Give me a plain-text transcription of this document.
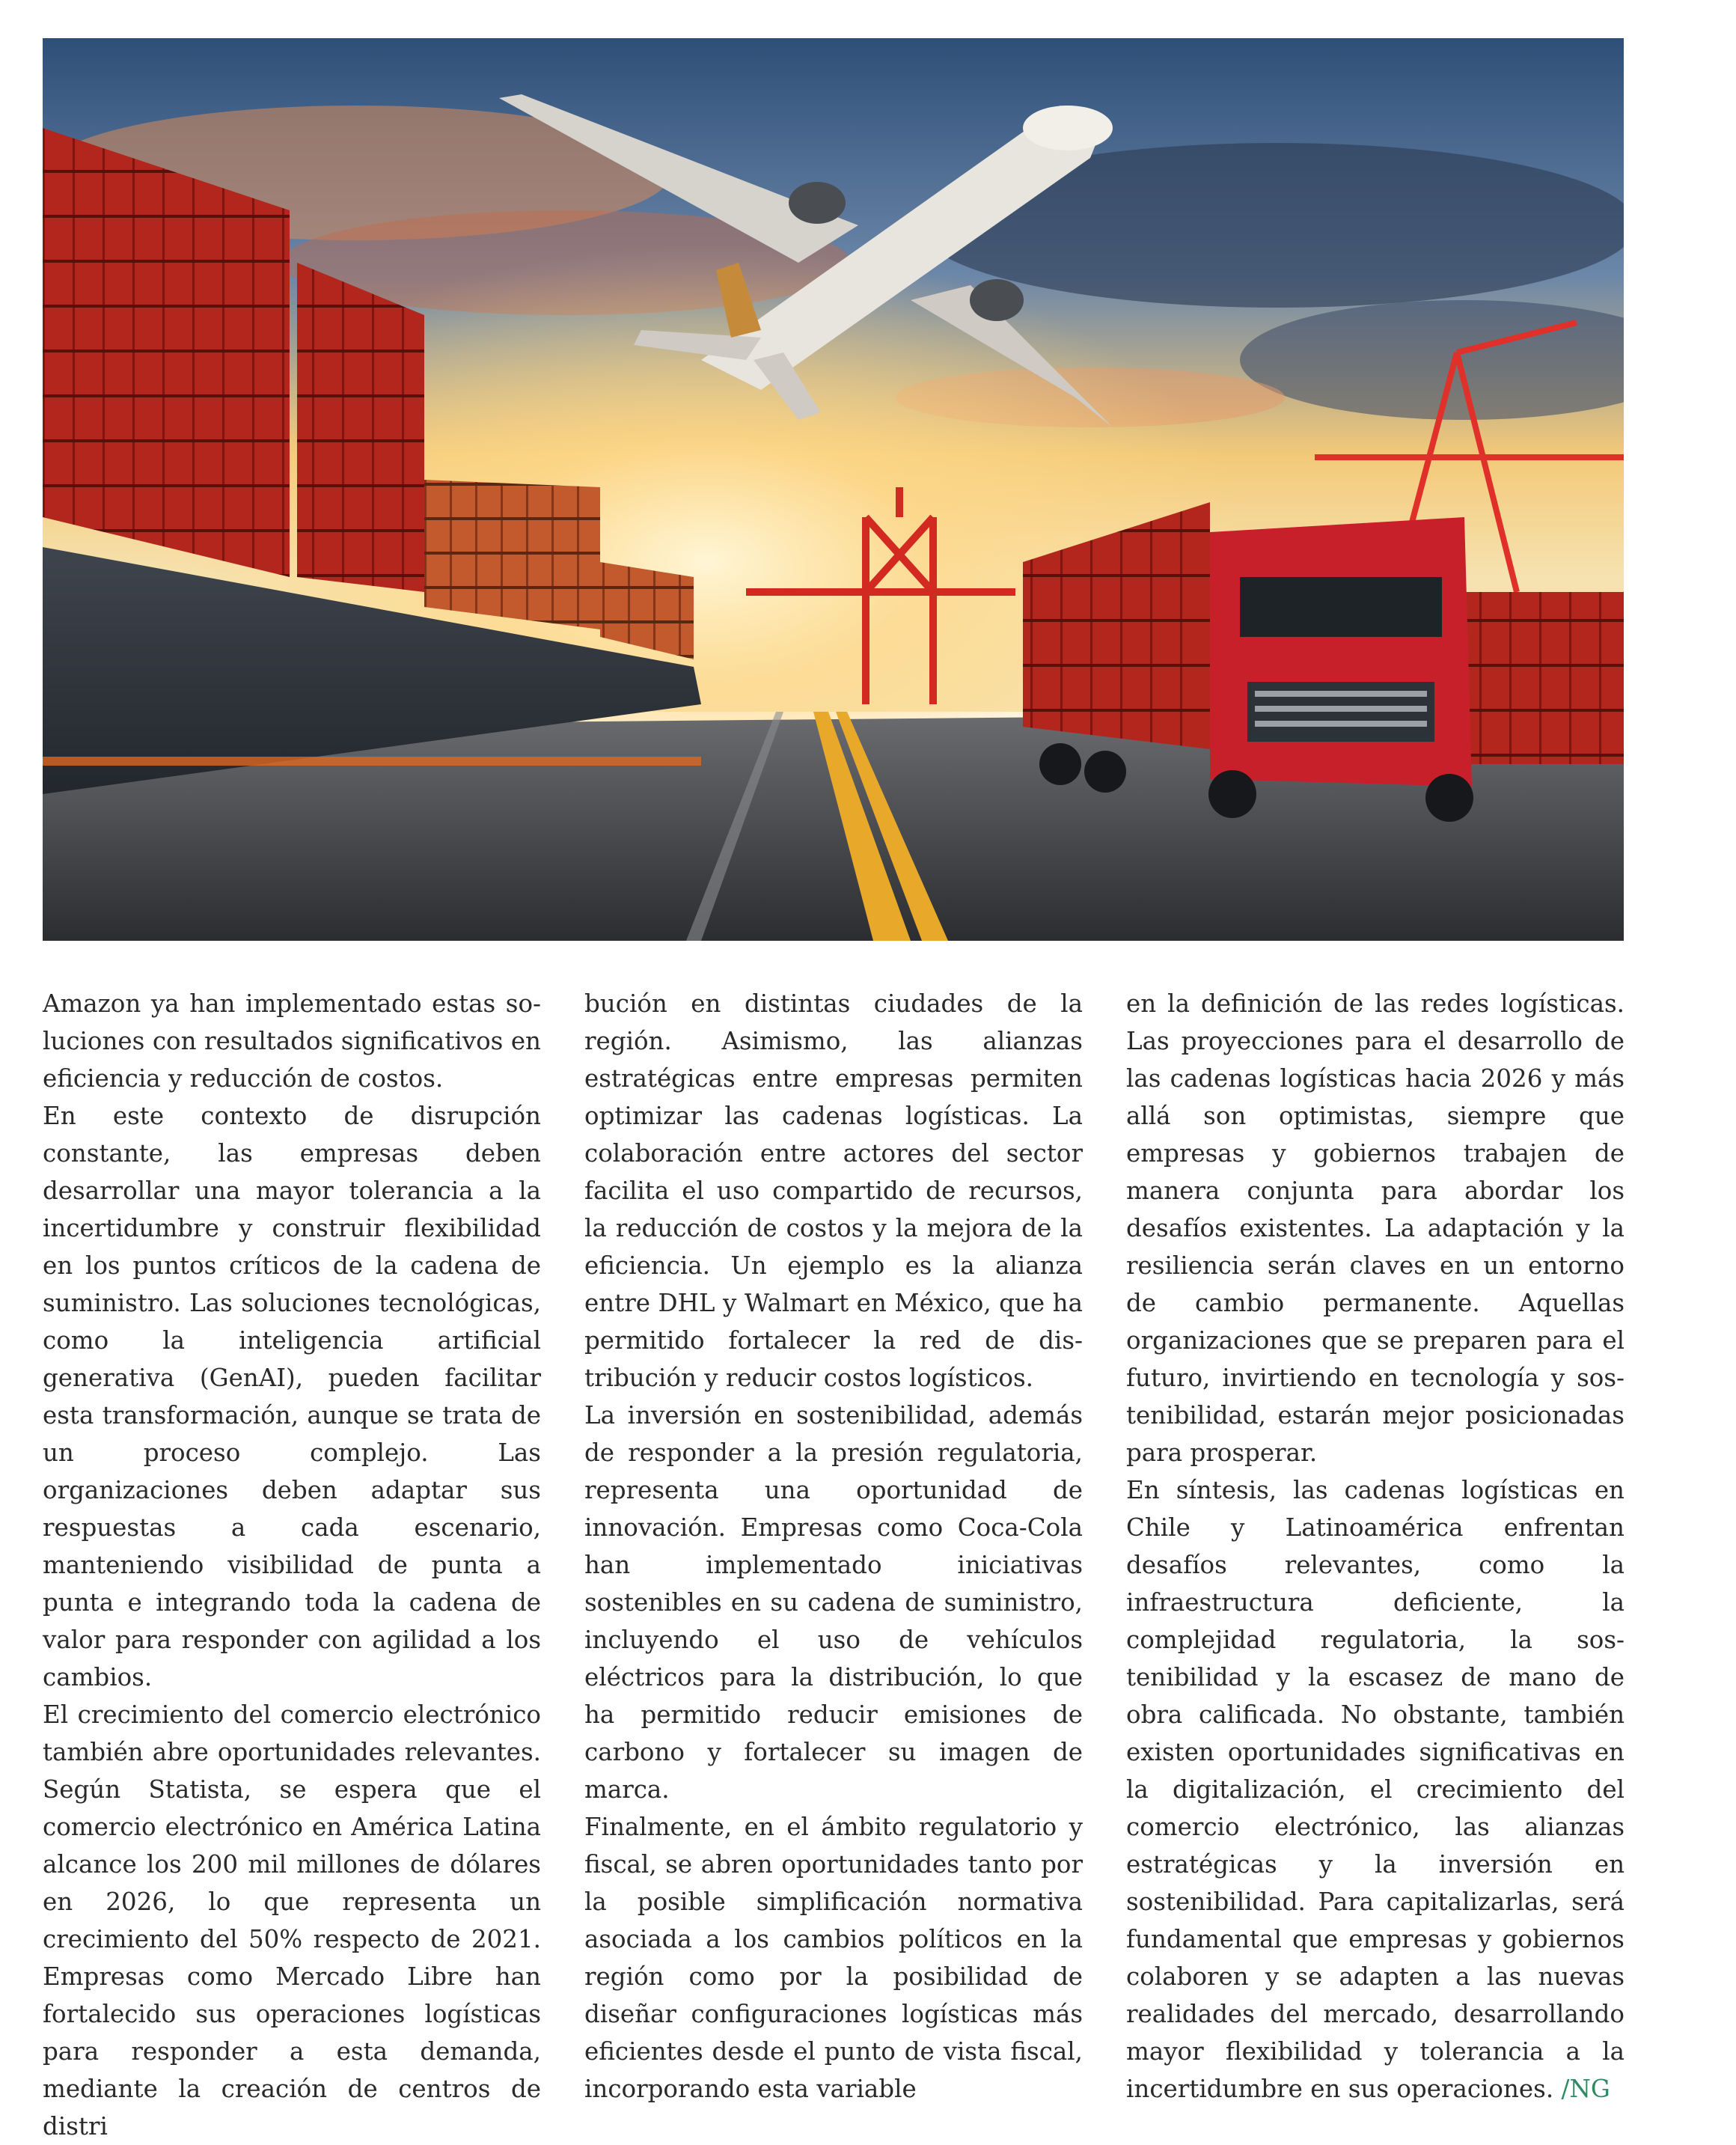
Amazon ya han implementado estas soluciones con resultados significativos en eficiencia y reducción de costos.

En este contexto de disrupción constante, las empresas deben desarrollar una mayor tolerancia a la incertidumbre y construir flexibilidad en los puntos críticos de la cadena de suministro. Las soluciones tecnológicas, como la inteligencia artificial generativa (GenAI), pueden facilitar esta transformación, aunque se trata de un proceso complejo. Las organizaciones deben adaptar sus respuestas a cada escenario, manteniendo visibilidad de punta a punta e integrando toda la cadena de valor para responder con agilidad a los cambios.

El crecimiento del comercio electrónico también abre oportunidades relevantes. Según Statista, se espera que el comercio electrónico en América Latina alcance los 200 mil millones de dólares en 2026, lo que representa un crecimiento del 50% respecto de 2021. Empresas como Mercado Libre han fortalecido sus operaciones logísticas para responder a esta demanda, mediante la creación de centros de distri

bución en distintas ciudades de la región. Asimismo, las alianzas estratégicas entre empresas permiten optimizar las cadenas logísticas. La colaboración entre actores del sector facilita el uso compartido de recursos, la reducción de costos y la mejora de la eficiencia. Un ejemplo es la alianza entre DHL y Walmart en México, que ha permitido fortalecer la red de distribución y reducir costos logísticos.

La inversión en sostenibilidad, además de responder a la presión regulatoria, representa una oportunidad de innovación. Empresas como Coca-Cola han implementado iniciativas sostenibles en su cadena de suministro, incluyendo el uso de vehículos eléctricos para la distribución, lo que ha permitido reducir emisiones de carbono y fortalecer su imagen de marca.

Finalmente, en el ámbito regulatorio y fiscal, se abren oportunidades tanto por la posible simplificación normativa asociada a los cambios políticos en la región como por la posibilidad de diseñar configuraciones logísticas más eficientes desde el punto de vista fiscal, incorporando esta variable

en la definición de las redes logísticas. Las proyecciones para el desarrollo de las cadenas logísticas hacia 2026 y más allá son optimistas, siempre que empresas y gobiernos trabajen de manera conjunta para abordar los desafíos existentes. La adaptación y la resiliencia serán claves en un entorno de cambio permanente. Aquellas organizaciones que se preparen para el futuro, invirtiendo en tecnología y sostenibilidad, estarán mejor posicionadas para prosperar.

En síntesis, las cadenas logísticas en Chile y Latinoamérica enfrentan desafíos relevantes, como la infraestructura deficiente, la complejidad regulatoria, la sostenibilidad y la escasez de mano de obra calificada. No obstante, también existen oportunidades significativas en la digitalización, el crecimiento del comercio electrónico, las alianzas estratégicas y la inversión en sostenibilidad. Para capitalizarlas, será fundamental que empresas y gobiernos colaboren y se adapten a las nuevas realidades del mercado, desarrollando mayor flexibilidad y tolerancia a la incertidumbre en sus operaciones. /NG
